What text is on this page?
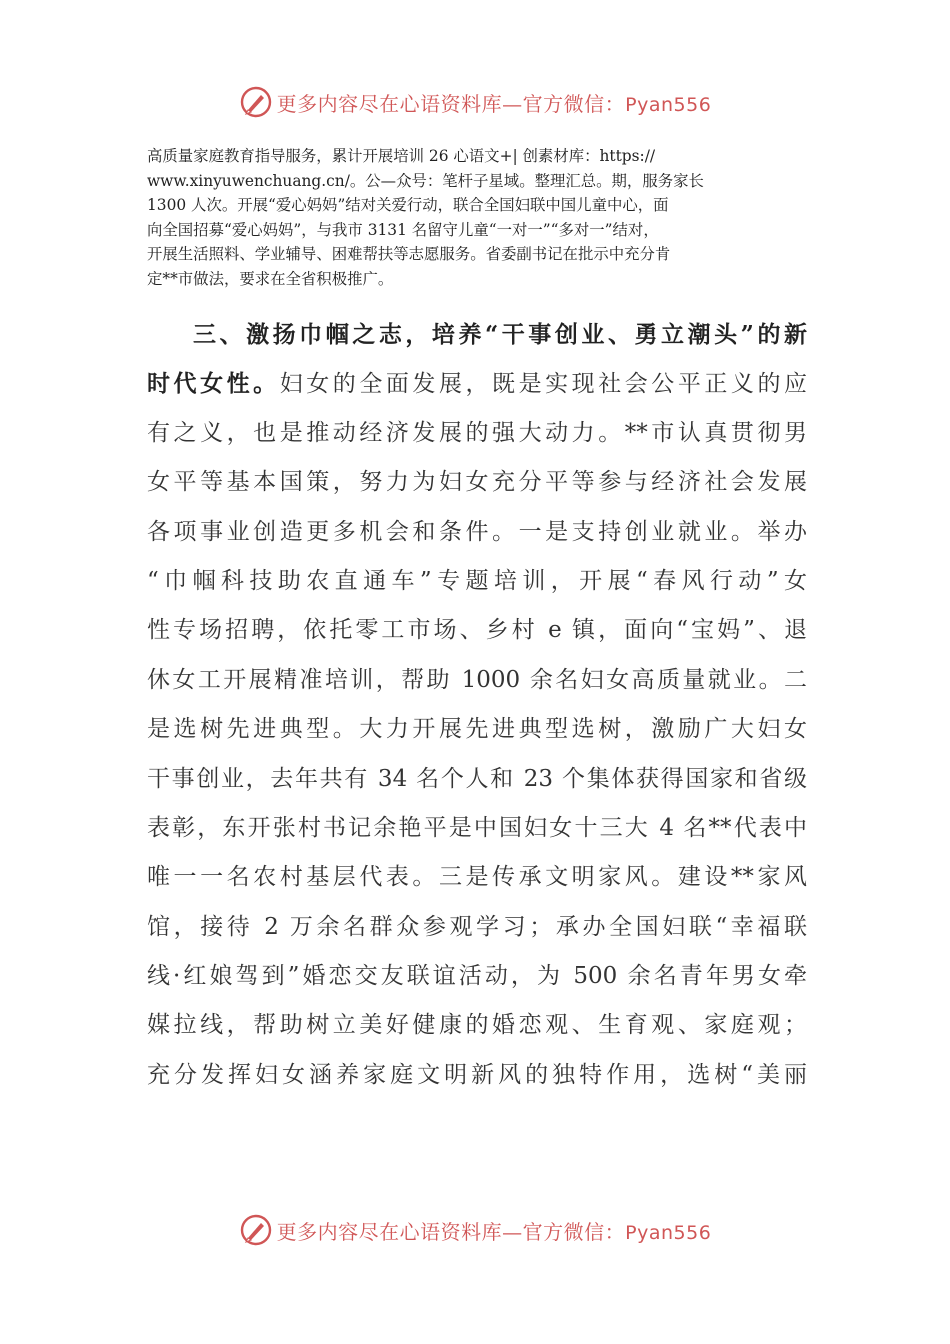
更多内容尽在心语资料库—官方微信：Pyan556
高质量家庭教育指导服务，累计开展培训 26 心语文+| 创素材库：https://
www.xinyuwenchuang.cn/。公—众号：笔杆子星域。整理汇总。期，服务家长
1300 人次。开展“爱心妈妈”结对关爱行动，联合全国妇联中国儿童中心，面
向全国招募“爱心妈妈”，与我市 3131 名留守儿童“一对一”“多对一”结对，
开展生活照料、学业辅导、困难帮扶等志愿服务。省委副书记在批示中充分肯
定**市做法，要求在全省积极推广。
三、激扬巾帼之志，培养“干事创业、勇立潮头”的新
时代女性。妇女的全面发展，既是实现社会公平正义的应
有之义，也是推动经济发展的强大动力。**市认真贯彻男
女平等基本国策，努力为妇女充分平等参与经济社会发展
各项事业创造更多机会和条件。一是支持创业就业。举办
“巾帼科技助农直通车”专题培训，开展“春风行动”女
性专场招聘，依托零工市场、乡村 e 镇，面向“宝妈”、退
休女工开展精准培训，帮助 1000 余名妇女高质量就业。二
是选树先进典型。大力开展先进典型选树，激励广大妇女
干事创业，去年共有 34 名个人和 23 个集体获得国家和省级
表彰，东开张村书记余艳平是中国妇女十三大 4 名**代表中
唯一一名农村基层代表。三是传承文明家风。建设**家风
馆，接待 2 万余名群众参观学习；承办全国妇联“幸福联
线·红娘驾到”婚恋交友联谊活动，为 500 余名青年男女牵
媒拉线，帮助树立美好健康的婚恋观、生育观、家庭观；
充分发挥妇女涵养家庭文明新风的独特作用，选树“美丽
更多内容尽在心语资料库—官方微信：Pyan556
